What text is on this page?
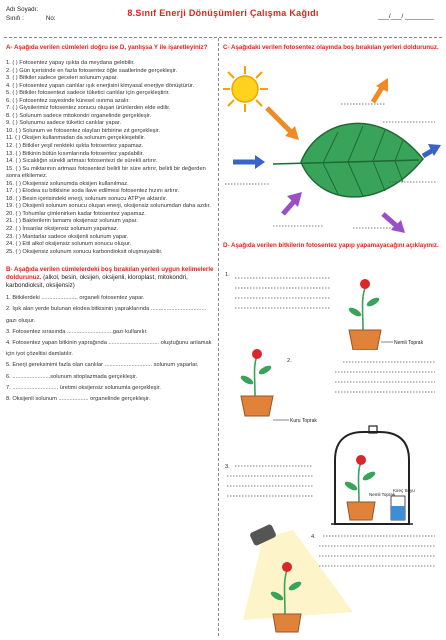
Adı Soyadı:
Sınıfı :	No:
8.Sınıf Enerji Dönüşümleri Çalışma Kağıdı	___/___/ ________
A- Aşağıda verilen cümleleri doğru ise D, yanlışsa Y ile işaretleyiniz?
1. ( ) Fotosentez yapay ışıkta da meydana gelebilir.
2. ( ) Gün içerisinde en fazla fotosentez öğle saatlerinde gerçekleşir.
3. ( ) Bitkiler sadece geceleri solunum yapar.
4. ( ) Fotosentez yapan canlılar ışık enerjisini kimyasal enerjiye dönüştürür.
5. ( ) Bitkiler fotosentezi sadece tüketici canlılar için gerçekleştirir.
6. ( ) Fotosentez sayesinde küresel ısınma azalır.
7. ( ) Giysilerimiz fotosentez sonucu oluşan ürünlerden elde edilir.
8. ( ) Solunum sadece mitokondri organelinde gerçekleşir.
9. ( ) Solunumu sadece tüketici canlılar yapar.
10. ( ) Solunum ve fotosentez olayları birbirine zıt gerçekleşir.
11. ( ) Oksijen kullanmadan da solunum gerçekleşebilir.
12. ( ) Bitkiler yeşil renkteki ışıkta fotosentez yapamaz.
13. ( ) Bitkinin bütün kısımlarında fotosentez yapılabilir.
14. ( ) Sıcaklığın sürekli artması fotosentezi de sürekli artırır.
15. ( ) Su miktarının artması fotosentezi belirli bir süre artırır, belirli bir değerden sonra etkilemez.
16. ( ) Oksijensiz solunumda oksijen kullanılmaz.
17. ( ) Elodea su bitkisine soda ilave edilmesi fotosentez hızını artırır.
18. ( ) Besin içerisindeki enerji, solunum sonucu ATP'ye aktarılır.
19. ( ) Oksijenli solunum sonucu oluşan enerji, oksijensiz solunumdan daha azdır.
20. ( ) Tohumlar çimlenirken kadar fotosentez yapamaz.
21. ( ) Bakterilerin tamamı oksijensiz solunum yapar.
22. ( ) İnsanlar oksijensiz solunum yapamaz.
23. ( ) Mantarlar sadece oksijenli solunum yapar.
24. ( ) Etil alkol oksijensiz solunum sonucu oluşur.
25. ( ) Oksijensiz solunum sonucu karbondioksit oluşmayabilir.
B- Aşağıda verilen cümlelerdeki boş bırakılan yerleri uygun kelimelerle doldurunuz. (alkol, besin, oksijen, oksijenli, kloroplast, mitokondri, karbondioksit, oksijensiz)
1. Bitkilerdeki ....................... organeli fotosentez yapar.
2. Işık alan yerde bulunan elodea bitkisinin yapraklarında ................................... gazı oluşur.
3. Fotosentez sırasında .............................gazı kullanılır.
4. Fotosentez yapan bitkinin yaprağında ................................ oluştuğunu anlamak için iyot çözeltisi damlatılır.
5. Enerji gereksinimi fazla olan canlılar .............................. solunum yaparlar.
6. ........................solunum sitoplazmada gerçekleşir.
7. ............................. üretimi oksijensiz solunumla gerçekleşir.
8. Oksijenli solunum ................... organelinde gerçekleşir.
C- Aşağıdaki verilen fotosentez olayında boş bırakılan yerleri doldurunuz.
D- Aşağıda verilen bitkilerin fotosentez yapıp yapamayacağını açıklayınız.
1.
Nemli Toprak
Kuru Toprak
2.
3.
Nemli Toprak
Kireç Suyu
4.
